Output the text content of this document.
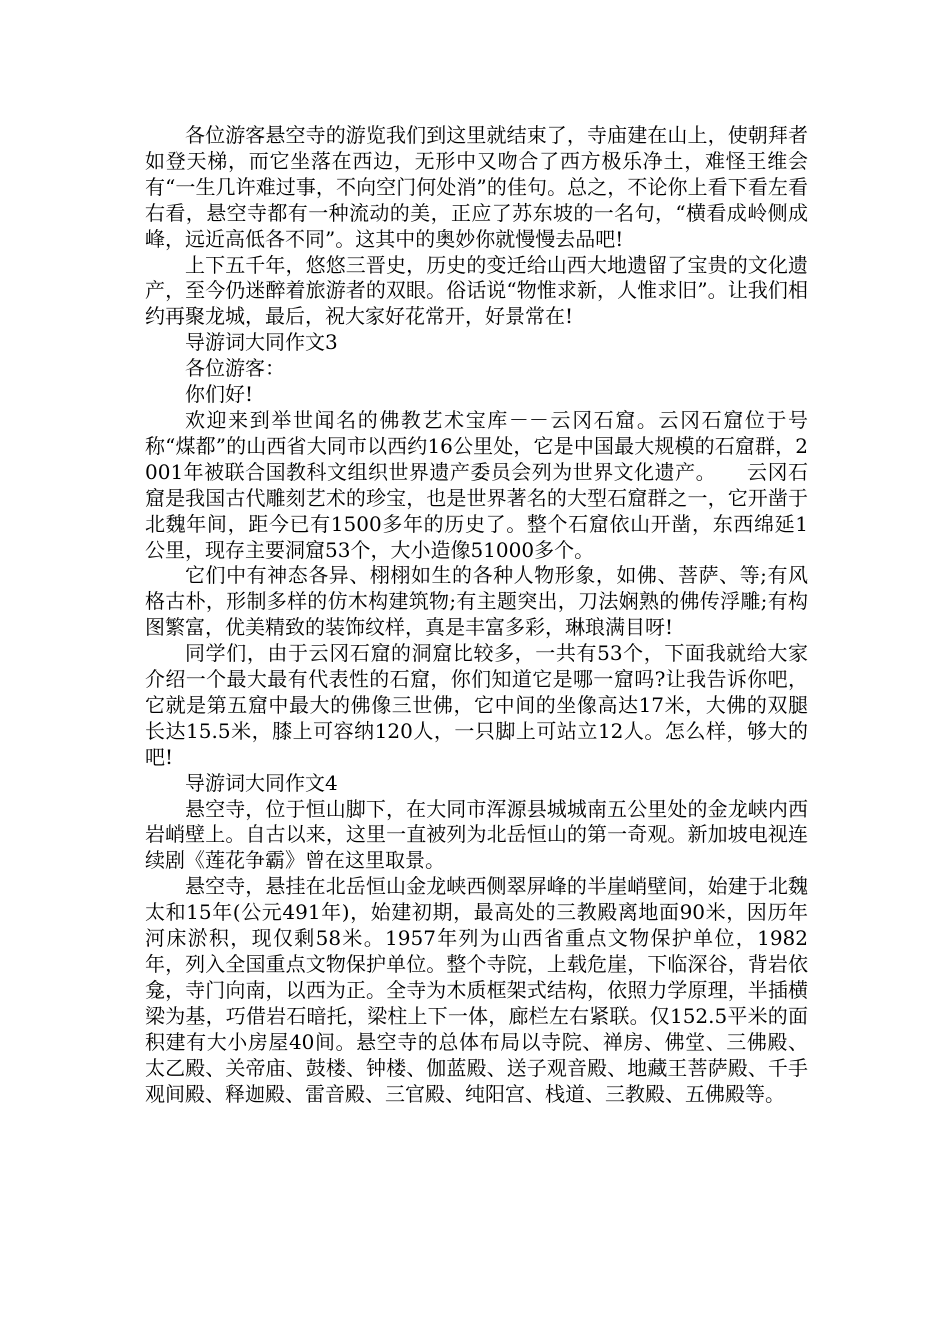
各位游客悬空寺的游览我们到这里就结束了，寺庙建在山上，使朝拜者如登天梯，而它坐落在西边，无形中又吻合了西方极乐净土，难怪王维会有“一生几许难过事，不向空门何处消”的佳句。总之，不论你上看下看左看右看，悬空寺都有一种流动的美，正应了苏东坡的一名句，“横看成岭侧成峰，远近高低各不同”。这其中的奥妙你就慢慢去品吧!

上下五千年，悠悠三晋史，历史的变迁给山西大地遗留了宝贵的文化遗产，至今仍迷醉着旅游者的双眼。俗话说“物惟求新，人惟求旧”。让我们相约再聚龙城，最后，祝大家好花常开，好景常在!

导游词大同作文3

各位游客：

你们好!

欢迎来到举世闻名的佛教艺术宝库－－云冈石窟。云冈石窟位于号称“煤都”的山西省大同市以西约16公里处，它是中国最大规模的石窟群，2001年被联合国教科文组织世界遗产委员会列为世界文化遗产。　　云冈石窟是我国古代雕刻艺术的珍宝，也是世界著名的大型石窟群之一，它开凿于北魏年间，距今已有1500多年的历史了。整个石窟依山开凿，东西绵延1公里，现存主要洞窟53个，大小造像51000多个。

它们中有神态各异、栩栩如生的各种人物形象，如佛、菩萨、等;有风格古朴，形制多样的仿木构建筑物;有主题突出，刀法娴熟的佛传浮雕;有构图繁富，优美精致的装饰纹样，真是丰富多彩，琳琅满目呀!

同学们，由于云冈石窟的洞窟比较多，一共有53个，下面我就给大家介绍一个最大最有代表性的石窟，你们知道它是哪一窟吗?让我告诉你吧，它就是第五窟中最大的佛像三世佛，它中间的坐像高达17米，大佛的双腿长达15.5米，膝上可容纳120人，一只脚上可站立12人。怎么样，够大的吧!

导游词大同作文4

悬空寺，位于恒山脚下，在大同市浑源县城城南五公里处的金龙峡内西岩峭壁上。自古以来，这里一直被列为北岳恒山的第一奇观。新加坡电视连续剧《莲花争霸》曾在这里取景。

悬空寺，悬挂在北岳恒山金龙峡西侧翠屏峰的半崖峭壁间，始建于北魏太和15年(公元491年)，始建初期，最高处的三教殿离地面90米，因历年河床淤积，现仅剩58米。1957年列为山西省重点文物保护单位，1982年，列入全国重点文物保护单位。整个寺院，上载危崖，下临深谷，背岩依龛，寺门向南，以西为正。全寺为木质框架式结构，依照力学原理，半插横梁为基，巧借岩石暗托，梁柱上下一体，廊栏左右紧联。仅152.5平米的面积建有大小房屋40间。悬空寺的总体布局以寺院、禅房、佛堂、三佛殿、太乙殿、关帝庙、鼓楼、钟楼、伽蓝殿、送子观音殿、地藏王菩萨殿、千手观间殿、释迦殿、雷音殿、三官殿、纯阳宫、栈道、三教殿、五佛殿等。
